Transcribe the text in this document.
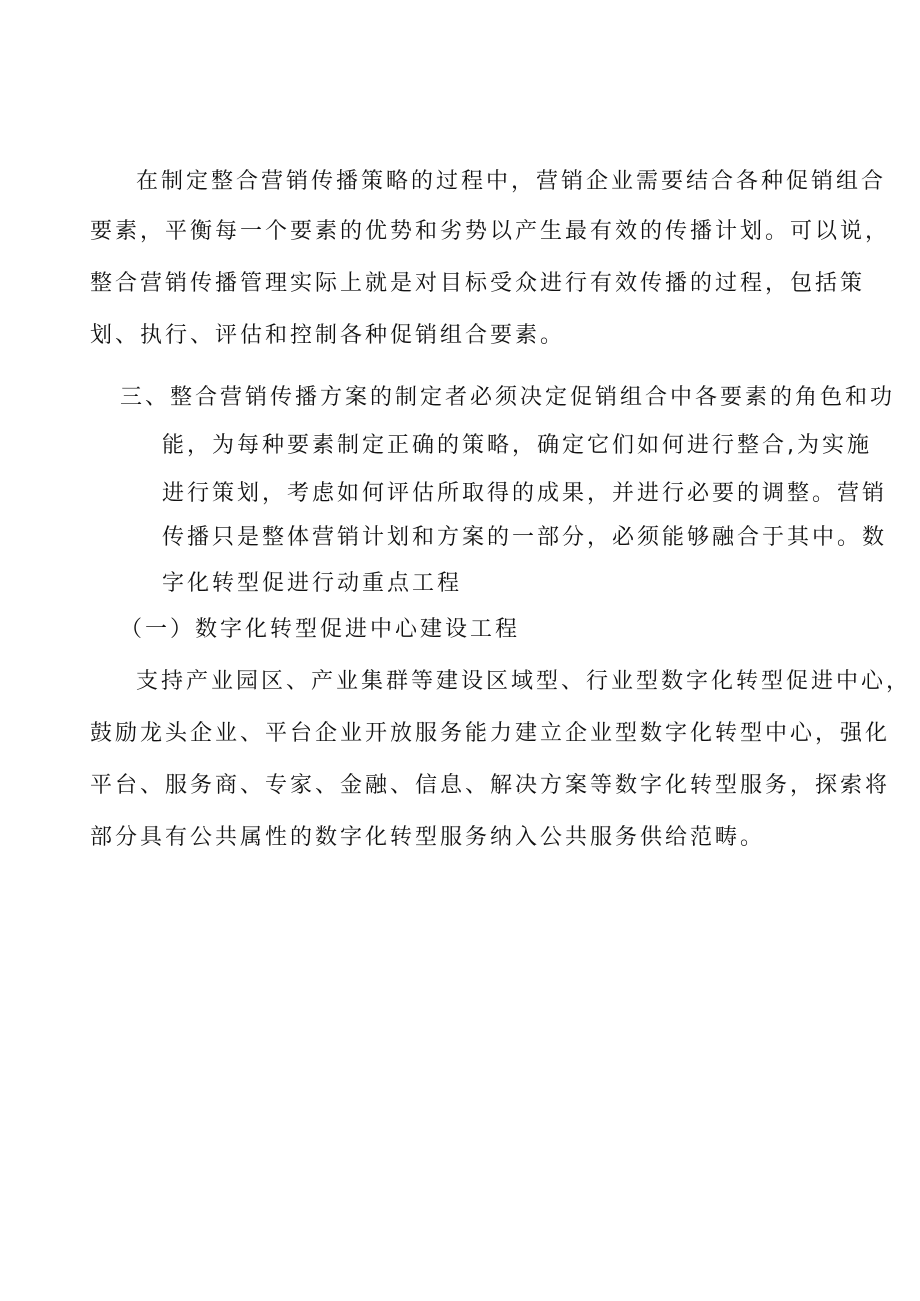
在制定整合营销传播策略的过程中，营销企业需要结合各种促销组合
要素，平衡每一个要素的优势和劣势以产生最有效的传播计划。可以说，
整合营销传播管理实际上就是对目标受众进行有效传播的过程，包括策
划、执行、评估和控制各种促销组合要素。
三、整合营销传播方案的制定者必须决定促销组合中各要素的角色和功
能，为每种要素制定正确的策略，确定它们如何进行整合,为实施
进行策划，考虑如何评估所取得的成果，并进行必要的调整。营销
传播只是整体营销计划和方案的一部分，必须能够融合于其中。数
字化转型促进行动重点工程
（一）数字化转型促进中心建设工程
支持产业园区、产业集群等建设区域型、行业型数字化转型促进中心，
鼓励龙头企业、平台企业开放服务能力建立企业型数字化转型中心，强化
平台、服务商、专家、金融、信息、解决方案等数字化转型服务，探索将
部分具有公共属性的数字化转型服务纳入公共服务供给范畴。
